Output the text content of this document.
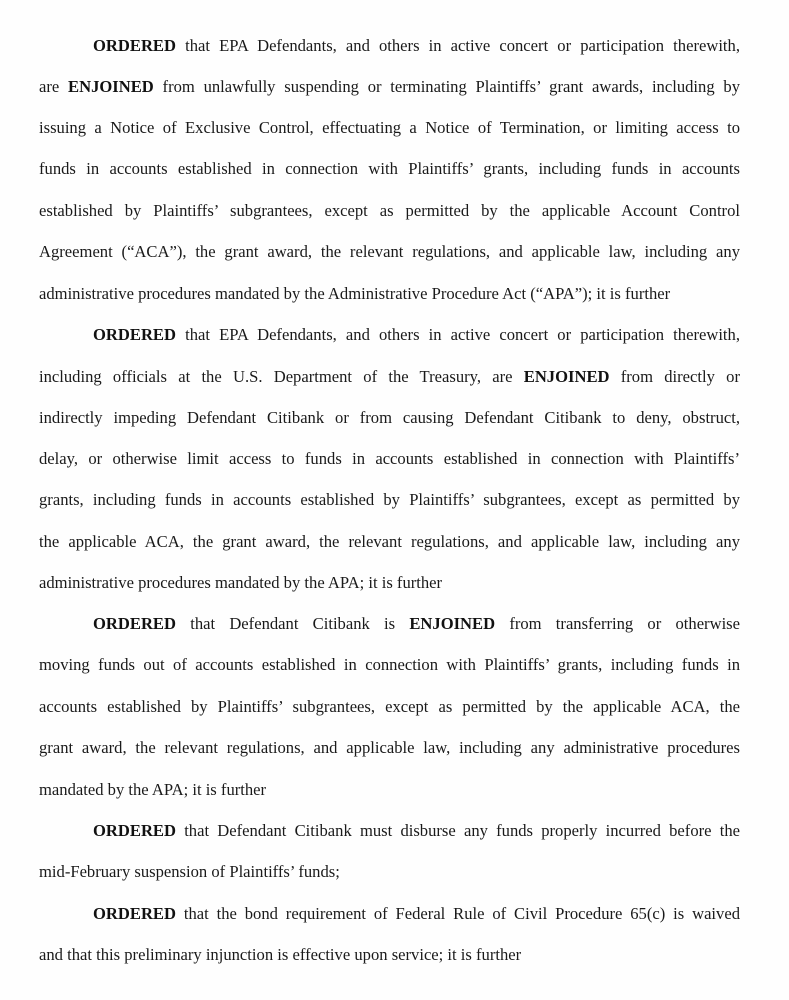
ORDERED that EPA Defendants, and others in active concert or participation therewith,
are ENJOINED from unlawfully suspending or terminating Plaintiffs’ grant awards, including by
issuing a Notice of Exclusive Control, effectuating a Notice of Termination, or limiting access to
funds in accounts established in connection with Plaintiffs’ grants, including funds in accounts
established by Plaintiffs’ subgrantees, except as permitted by the applicable Account Control
Agreement (“ACA”), the grant award, the relevant regulations, and applicable law, including any
administrative procedures mandated by the Administrative Procedure Act (“APA”); it is further
ORDERED that EPA Defendants, and others in active concert or participation therewith,
including officials at the U.S. Department of the Treasury, are ENJOINED from directly or
indirectly impeding Defendant Citibank or from causing Defendant Citibank to deny, obstruct,
delay, or otherwise limit access to funds in accounts established in connection with Plaintiffs’
grants, including funds in accounts established by Plaintiffs’ subgrantees, except as permitted by
the applicable ACA, the grant award, the relevant regulations, and applicable law, including any
administrative procedures mandated by the APA; it is further
ORDERED that Defendant Citibank is ENJOINED from transferring or otherwise
moving funds out of accounts established in connection with Plaintiffs’ grants, including funds in
accounts established by Plaintiffs’ subgrantees, except as permitted by the applicable ACA, the
grant award, the relevant regulations, and applicable law, including any administrative procedures
mandated by the APA; it is further
ORDERED that Defendant Citibank must disburse any funds properly incurred before the
mid-February suspension of Plaintiffs’ funds;
ORDERED that the bond requirement of Federal Rule of Civil Procedure 65(c) is waived
and that this preliminary injunction is effective upon service; it is further
